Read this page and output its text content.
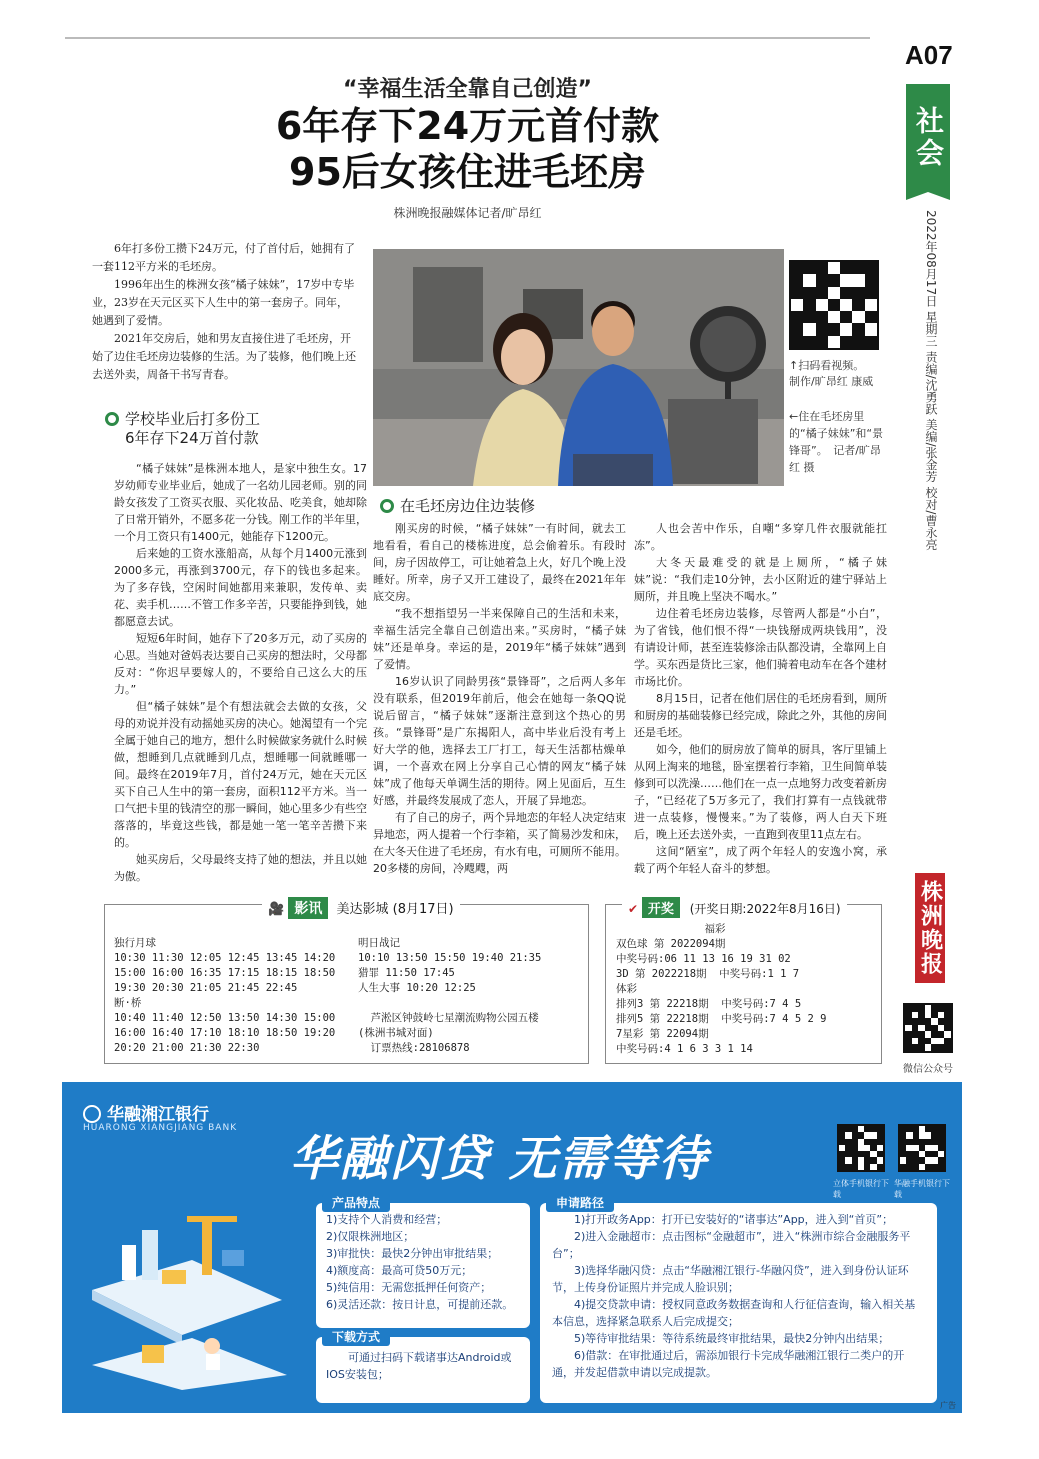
A07
社会
2022年08月17日 星期三 责编/沈勇跃 美编/张金芳 校对/曹永亮
“幸福生活全靠自己创造”
6年存下24万元首付款
95后女孩住进毛坯房
株洲晚报融媒体记者/旷昂红

6年打多份工攒下24万元，付了首付后，她拥有了一套112平方米的毛坯房。

1996年出生的株洲女孩“橘子妹妹”，17岁中专毕业，23岁在天元区买下人生中的第一套房子。同年，她遇到了爱情。

2021年交房后，她和男友直接住进了毛坯房，开始了边住毛坯房边装修的生活。为了装修，他们晚上还去送外卖，周备干书写青春。

↑扫码看视频。
制作/旷昂红 康威
←住在毛坯房里的“橘子妹妹”和“景锋哥”。　记者/旷昂红 摄
学校毕业后打多份工
6年存下24万首付款
在毛坯房边住边装修

“橘子妹妹”是株洲本地人，是家中独生女。17岁幼师专业毕业后，她成了一名幼儿园老师。别的同龄女孩发了工资买衣服、买化妆品、吃美食，她却除了日常开销外，不愿多花一分钱。刚工作的半年里，一个月工资只有1400元，她能存下1200元。

后来她的工资水涨船高，从每个月1400元涨到2000多元，再涨到3700元，存下的钱也多起来。为了多存钱，空闲时间她都用来兼职，发传单、卖花、卖手机……不管工作多辛苦，只要能挣到钱，她都愿意去试。

短短6年时间，她存下了20多万元，动了买房的心思。当她对爸妈表达要自己买房的想法时，父母都反对：“你迟早要嫁人的，不要给自己这么大的压力。”

但“橘子妹妹”是个有想法就会去做的女孩，父母的劝说并没有动摇她买房的决心。她渴望有一个完全属于她自己的地方，想什么时候做家务就什么时候做，想睡到几点就睡到几点，想睡哪一间就睡哪一间。最终在2019年7月，首付24万元，她在天元区买下自己人生中的第一套房，面积112平方米。当一口气把卡里的钱清空的那一瞬间，她心里多少有些空落落的，毕竟这些钱，都是她一笔一笔辛苦攒下来的。

她买房后，父母最终支持了她的想法，并且以她为傲。

刚买房的时候，“橘子妹妹”一有时间，就去工地看看，看自己的楼栋进度，总会偷着乐。有段时间，房子因故停工，可让她着急上火，好几个晚上没睡好。所幸，房子又开工建设了，最终在2021年年底交房。

“我不想指望另一半来保障自己的生活和未来，幸福生活完全靠自己创造出来。”买房时，“橘子妹妹”还是单身。幸运的是，2019年“橘子妹妹”遇到了爱情。

16岁认识了同龄男孩“景锋哥”，之后两人多年没有联系，但2019年前后，他会在她每一条QQ说说后留言，“橘子妹妹”逐渐注意到这个热心的男孩。“景锋哥”是广东揭阳人，高中毕业后没有考上好大学的他，选择去工厂打工，每天生活都枯燥单调，一个喜欢在网上分享自己心情的网友“橘子妹妹”成了他每天单调生活的期待。网上见面后，互生好感，并最终发展成了恋人，开展了异地恋。

有了自己的房子，两个异地恋的年轻人决定结束异地恋，两人提着一个行李箱，买了简易沙发和床，在大冬天住进了毛坯房，有水有电，可厕所不能用。20多楼的房间，冷飕飕，两

人也会苦中作乐，自嘲“多穿几件衣服就能扛冻”。

大冬天最难受的就是上厕所，“橘子妹妹”说：“我们走10分钟，去小区附近的建宁驿站上厕所，并且晚上坚决不喝水。”

边住着毛坯房边装修，尽管两人都是“小白”，为了省钱，他们恨不得“一块钱掰成两块钱用”，没有请设计师，甚至连装修涂击队都没请，全靠网上自学。买东西是货比三家，他们骑着电动车在各个建材市场比价。

8月15日，记者在他们居住的毛坯房看到，厕所和厨房的基础装修已经完成，除此之外，其他的房间还是毛坯。

如今，他们的厨房放了简单的厨具，客厅里铺上从网上淘来的地毯，卧室摆着行李箱，卫生间简单装修到可以洗澡……他们在一点一点地努力改变着新房子，“已经花了5万多元了，我们打算有一点钱就带进一点装修，慢慢来。”为了装修，两人白天下班后，晚上还去送外卖，一直跑到夜里11点左右。

这间“陋室”，成了两个年轻人的安逸小窝，承载了两个年轻人奋斗的梦想。

🎥 影讯 美达影城 (8月17日)
独行月球
10:30 11:30 12:05 12:45 13:45 14:20
15:00 16:00 16:35 17:15 18:15 18:50
19:30 20:30 21:05 21:45 22:45
断·桥
10:40 11:40 12:50 13:50 14:30 15:00
16:00 16:40 17:10 18:10 18:50 19:20
20:20 21:00 21:30 22:30
明日战记
10:10 13:50 15:50 19:40 21:35
猎罪 11:50 17:45
人生大事 10:20 12:25

芦淞区钟鼓岭七星潮流购物公园五楼
(株洲书城对面)
订票热线:28106878
✔ 开奖 (开奖日期:2022年8月16日)
福彩
双色球 第 2022094期
中奖号码:06 11 13 16 19 31 02
3D 第 2022218期  中奖号码:1 1 7
体彩
排列3 第 22218期  中奖号码:7 4 5
排列5 第 22218期  中奖号码:7 4 5 2 9
7星彩 第 22094期
中奖号码:4 1 6 3 3 1 14
株洲晚报
微信公众号
华融湘江银行
HUARONG XIANGJIANG BANK
华融闪贷 无需等待	立体手机银行下载
华融手机银行下载
产品特点
1)支持个人消费和经营；
2)仅限株洲地区；
3)审批快：最快2分钟出审批结果；
4)额度高：最高可贷50万元；
5)纯信用：无需您抵押任何资产；
6)灵活还款：按日计息，可提前还款。
下载方式
可通过扫码下载诸事达Android或IOS安装包；
申请路径
1)打开政务App：打开已安装好的“诸事达”App，进入到“首页”；
2)进入金融超市：点击图标“金融超市”，进入“株洲市综合金融服务平台”；
3)选择华融闪贷：点击“华融湘江银行-华融闪贷”，进入到身份认证环节，上传身份证照片并完成人脸识别；
4)提交贷款申请：授权同意政务数据查询和人行征信查询，输入相关基本信息，选择紧急联系人后完成提交；
5)等待审批结果：等待系统最终审批结果，最快2分钟内出结果；
6)借款：在审批通过后，需添加银行卡完成华融湘江银行二类户的开通，并发起借款申请以完成提款。
广告
